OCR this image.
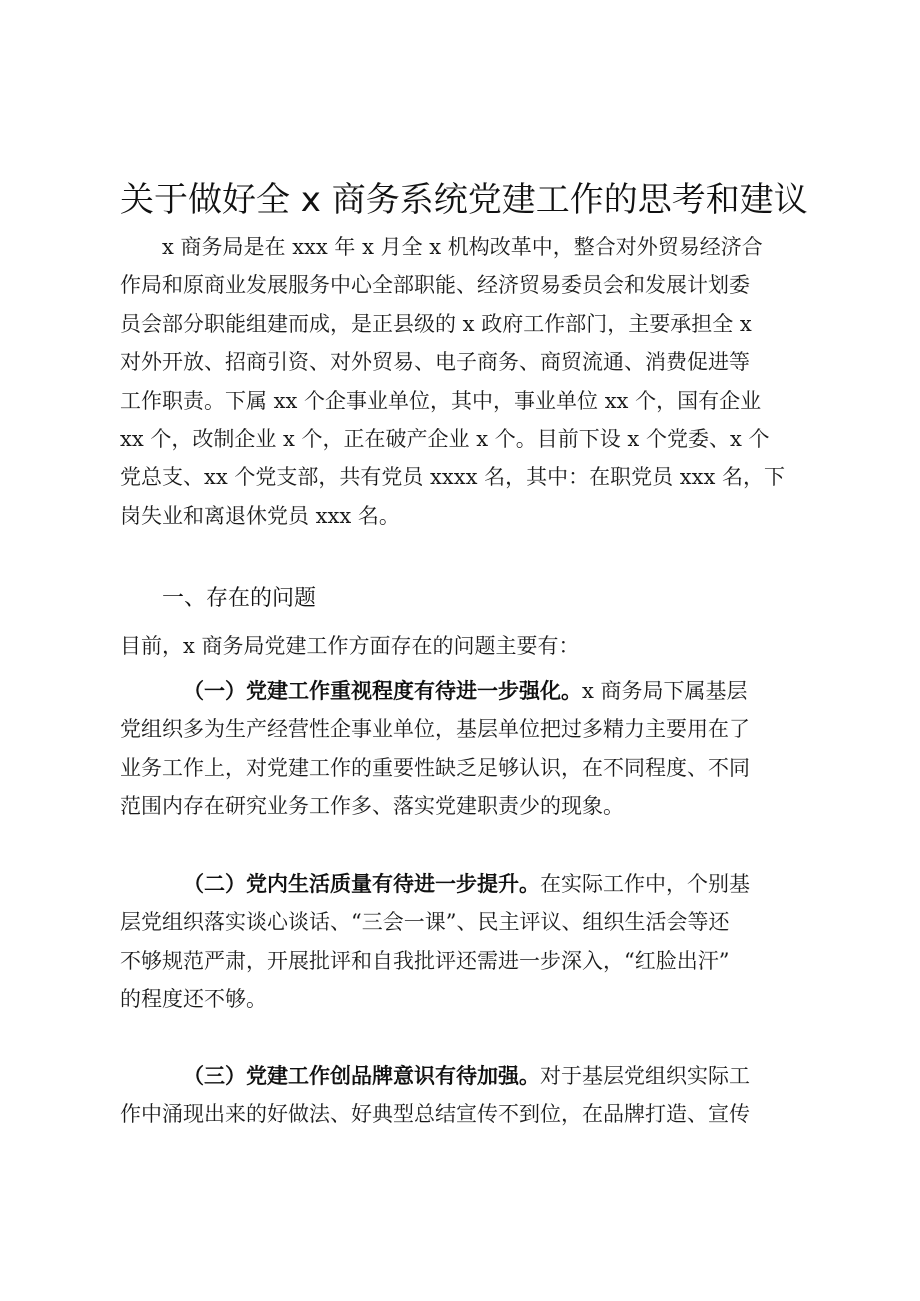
关于做好全 x 商务系统党建工作的思考和建议
x 商务局是在 xxx 年 x 月全 x 机构改革中，整合对外贸易经济合
作局和原商业发展服务中心全部职能、经济贸易委员会和发展计划委
员会部分职能组建而成，是正县级的 x 政府工作部门，主要承担全 x
对外开放、招商引资、对外贸易、电子商务、商贸流通、消费促进等
工作职责。下属 xx 个企事业单位，其中，事业单位 xx 个，国有企业
xx 个，改制企业 x 个，正在破产企业 x 个。目前下设 x 个党委、x 个
党总支、xx 个党支部，共有党员 xxxx 名，其中：在职党员 xxx 名，下
岗失业和离退休党员 xxx 名。
一、存在的问题
目前，x 商务局党建工作方面存在的问题主要有：
（一）党建工作重视程度有待进一步强化。x 商务局下属基层
党组织多为生产经营性企事业单位，基层单位把过多精力主要用在了
业务工作上，对党建工作的重要性缺乏足够认识，在不同程度、不同
范围内存在研究业务工作多、落实党建职责少的现象。
（二）党内生活质量有待进一步提升。在实际工作中，个别基
层党组织落实谈心谈话、“三会一课”、民主评议、组织生活会等还
不够规范严肃，开展批评和自我批评还需进一步深入，“红脸出汗”
的程度还不够。
（三）党建工作创品牌意识有待加强。对于基层党组织实际工
作中涌现出来的好做法、好典型总结宣传不到位，在品牌打造、宣传
